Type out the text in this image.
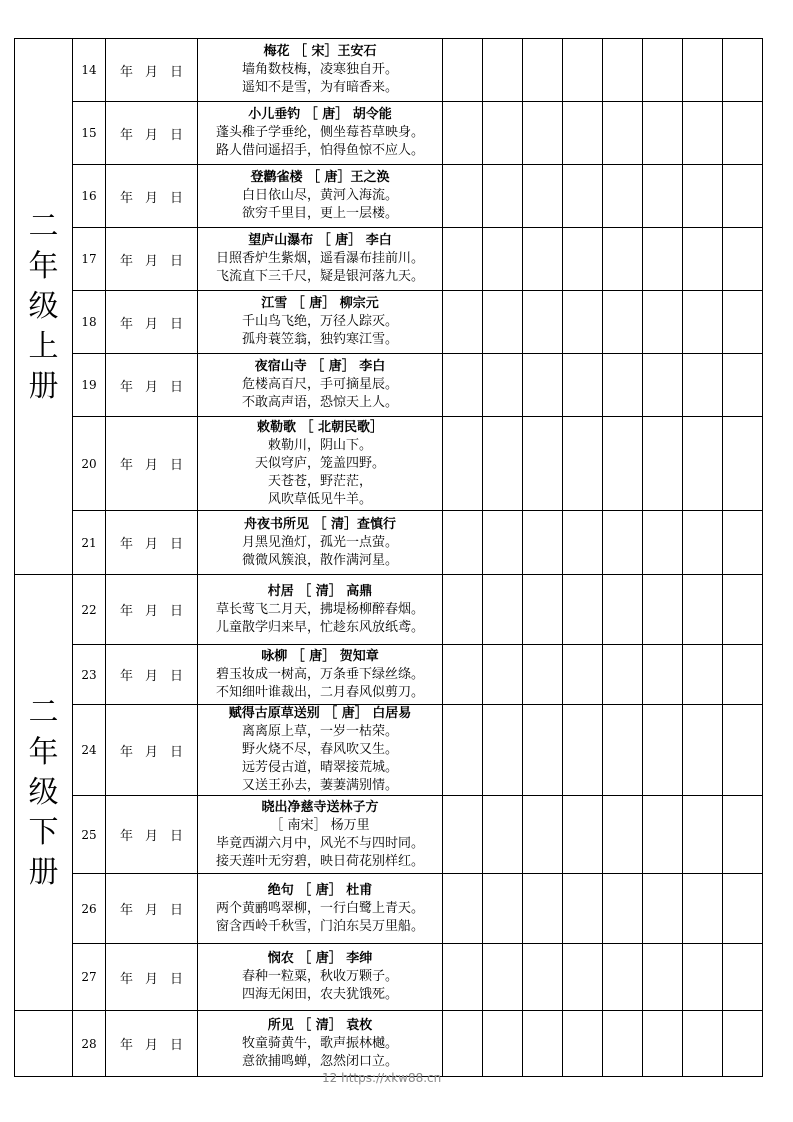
二
年
级
上
册	14	年 月 日	梅花 ［ 宋］王安石
墙角数枝梅，凌寒独自开。
遥知不是雪，为有暗香来。								

	15	年 月 日	小儿垂钓 ［ 唐］ 胡令能
蓬头稚子学垂纶，侧坐莓苔草映身。
路人借问遥招手，怕得鱼惊不应人。								

	16	年 月 日	登鹳雀楼 ［ 唐］王之涣
白日依山尽，黄河入海流。
欲穷千里目，更上一层楼。								

	17	年 月 日	望庐山瀑布 ［ 唐］ 李白
日照香炉生紫烟，遥看瀑布挂前川。
飞流直下三千尺，疑是银河落九天。								

	18	年 月 日	江雪 ［ 唐］ 柳宗元
千山鸟飞绝，万径人踪灭。
孤舟蓑笠翁，独钓寒江雪。								

	19	年 月 日	夜宿山寺 ［ 唐］ 李白
危楼高百尺，手可摘星辰。
不敢高声语，恐惊天上人。								

	20	年 月 日	敕勒歌 ［ 北朝民歌］
敕勒川，阴山下。
天似穹庐，笼盖四野。
天苍苍，野茫茫，
风吹草低见牛羊。								

	21	年 月 日	舟夜书所见 ［ 清］查慎行
月黑见渔灯，孤光一点萤。
微微风簇浪，散作满河星。								

二
年
级
下
册	22	年 月 日	村居 ［ 清］ 高鼎
草长莺飞二月天，拂堤杨柳醉春烟。
儿童散学归来早，忙趁东风放纸鸢。								

	23	年 月 日	咏柳 ［ 唐］ 贺知章
碧玉妆成一树高，万条垂下绿丝绦。
不知细叶谁裁出，二月春风似剪刀。								

	24	年 月 日	赋得古原草送别 ［ 唐］ 白居易
离离原上草，一岁一枯荣。
野火烧不尽，春风吹又生。
远芳侵古道，晴翠接荒城。
又送王孙去，萋萋满别情。								

	25	年 月 日	晓出净慈寺送林子方
［ 南宋］ 杨万里
毕竟西湖六月中，风光不与四时同。
接天莲叶无穷碧，映日荷花别样红。								

	26	年 月 日	绝句 ［ 唐］ 杜甫
两个黄鹂鸣翠柳，一行白鹭上青天。
窗含西岭千秋雪，门泊东吴万里船。								

	27	年 月 日	悯农 ［ 唐］ 李绅
春种一粒粟，秋收万颗子。
四海无闲田，农夫犹饿死。								

	28	年 月 日	所见 ［ 清］ 袁枚
牧童骑黄牛，歌声振林樾。
意欲捕鸣蝉，忽然闭口立。								

12 https://xkw88.cn
